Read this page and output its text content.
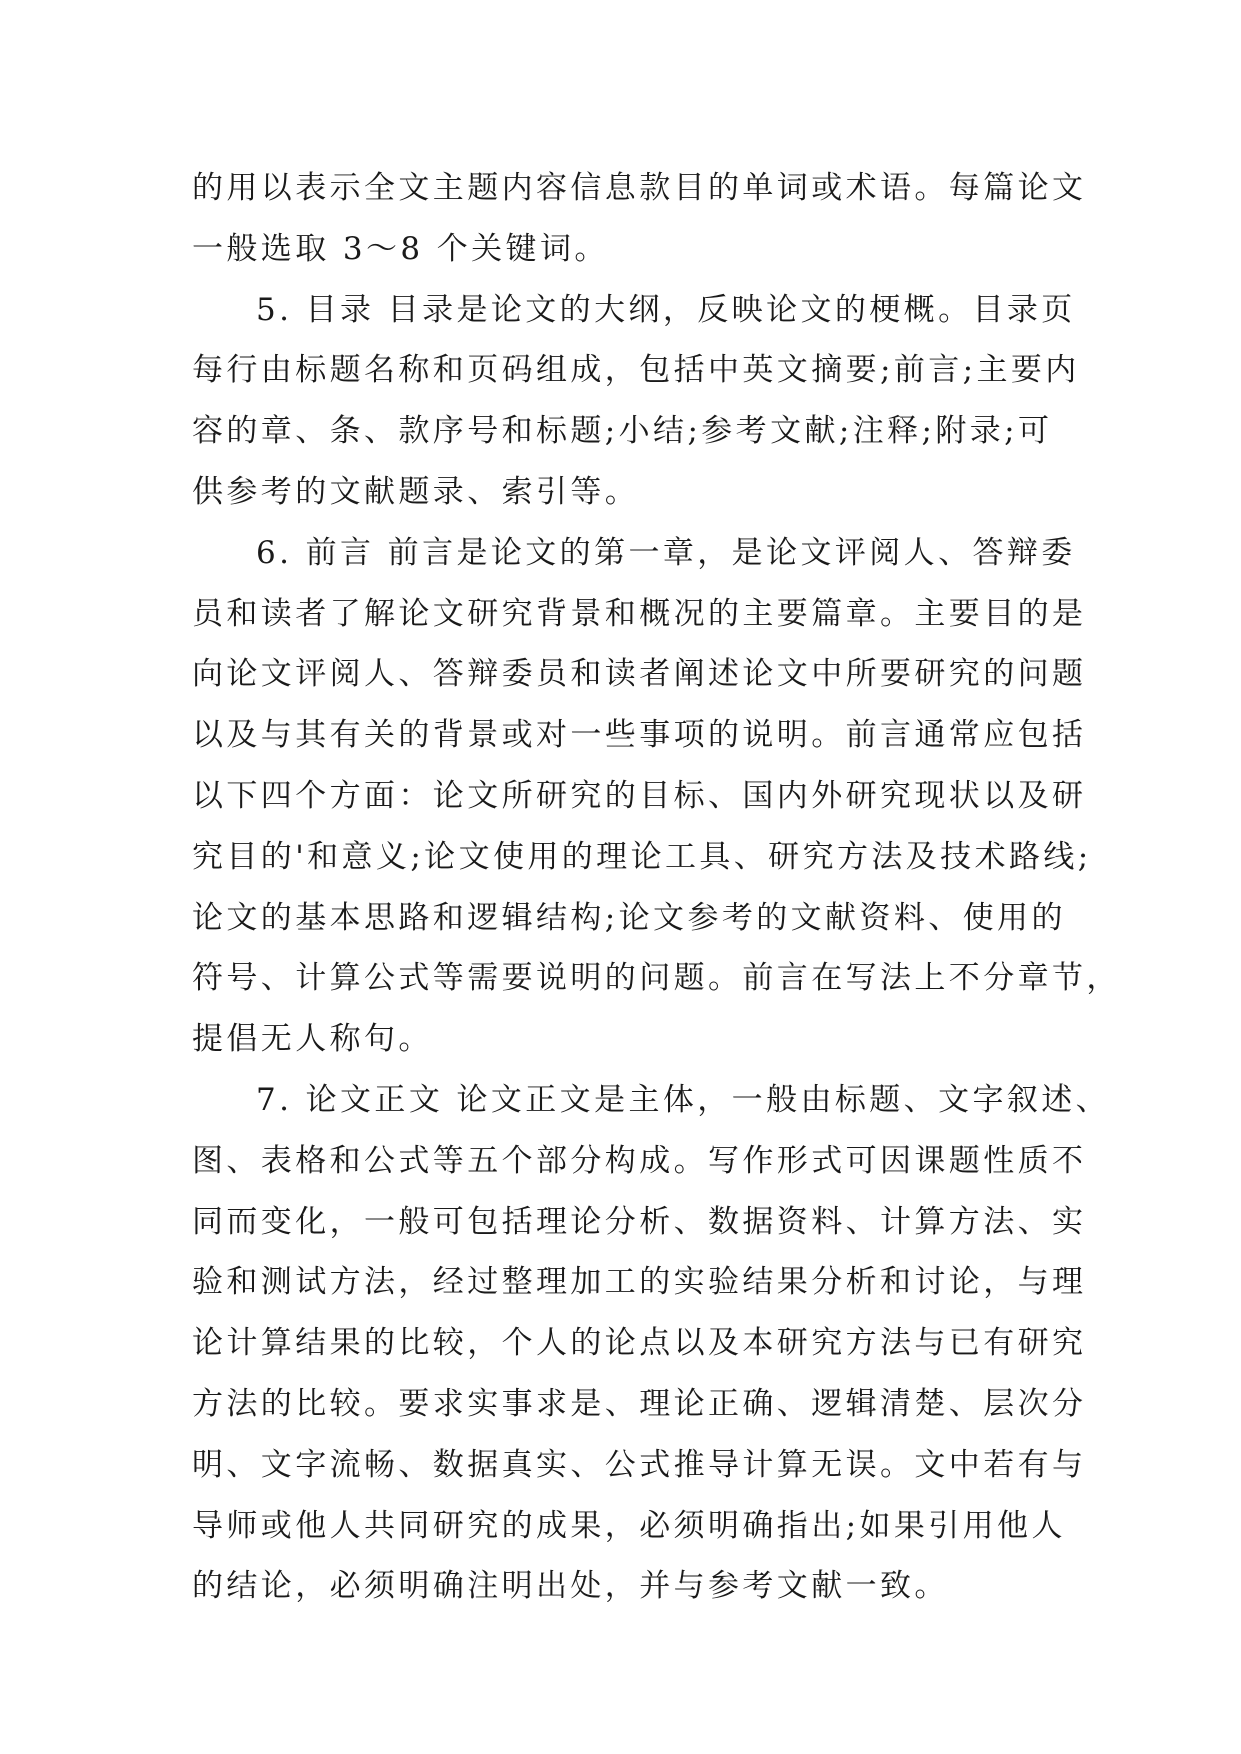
的用以表示全文主题内容信息款目的单词或术语。每篇论文
一般选取 3～8 个关键词。
5. 目录 目录是论文的大纲，反映论文的梗概。目录页
每行由标题名称和页码组成，包括中英文摘要;前言;主要内
容的章、条、款序号和标题;小结;参考文献;注释;附录;可
供参考的文献题录、索引等。
6. 前言 前言是论文的第一章，是论文评阅人、答辩委
员和读者了解论文研究背景和概况的主要篇章。主要目的是
向论文评阅人、答辩委员和读者阐述论文中所要研究的问题
以及与其有关的背景或对一些事项的说明。前言通常应包括
以下四个方面：论文所研究的目标、国内外研究现状以及研
究目的'和意义;论文使用的理论工具、研究方法及技术路线;
论文的基本思路和逻辑结构;论文参考的文献资料、使用的
符号、计算公式等需要说明的问题。前言在写法上不分章节，
提倡无人称句。
7. 论文正文 论文正文是主体，一般由标题、文字叙述、
图、表格和公式等五个部分构成。写作形式可因课题性质不
同而变化，一般可包括理论分析、数据资料、计算方法、实
验和测试方法，经过整理加工的实验结果分析和讨论，与理
论计算结果的比较，个人的论点以及本研究方法与已有研究
方法的比较。要求实事求是、理论正确、逻辑清楚、层次分
明、文字流畅、数据真实、公式推导计算无误。文中若有与
导师或他人共同研究的成果，必须明确指出;如果引用他人
的结论，必须明确注明出处，并与参考文献一致。
